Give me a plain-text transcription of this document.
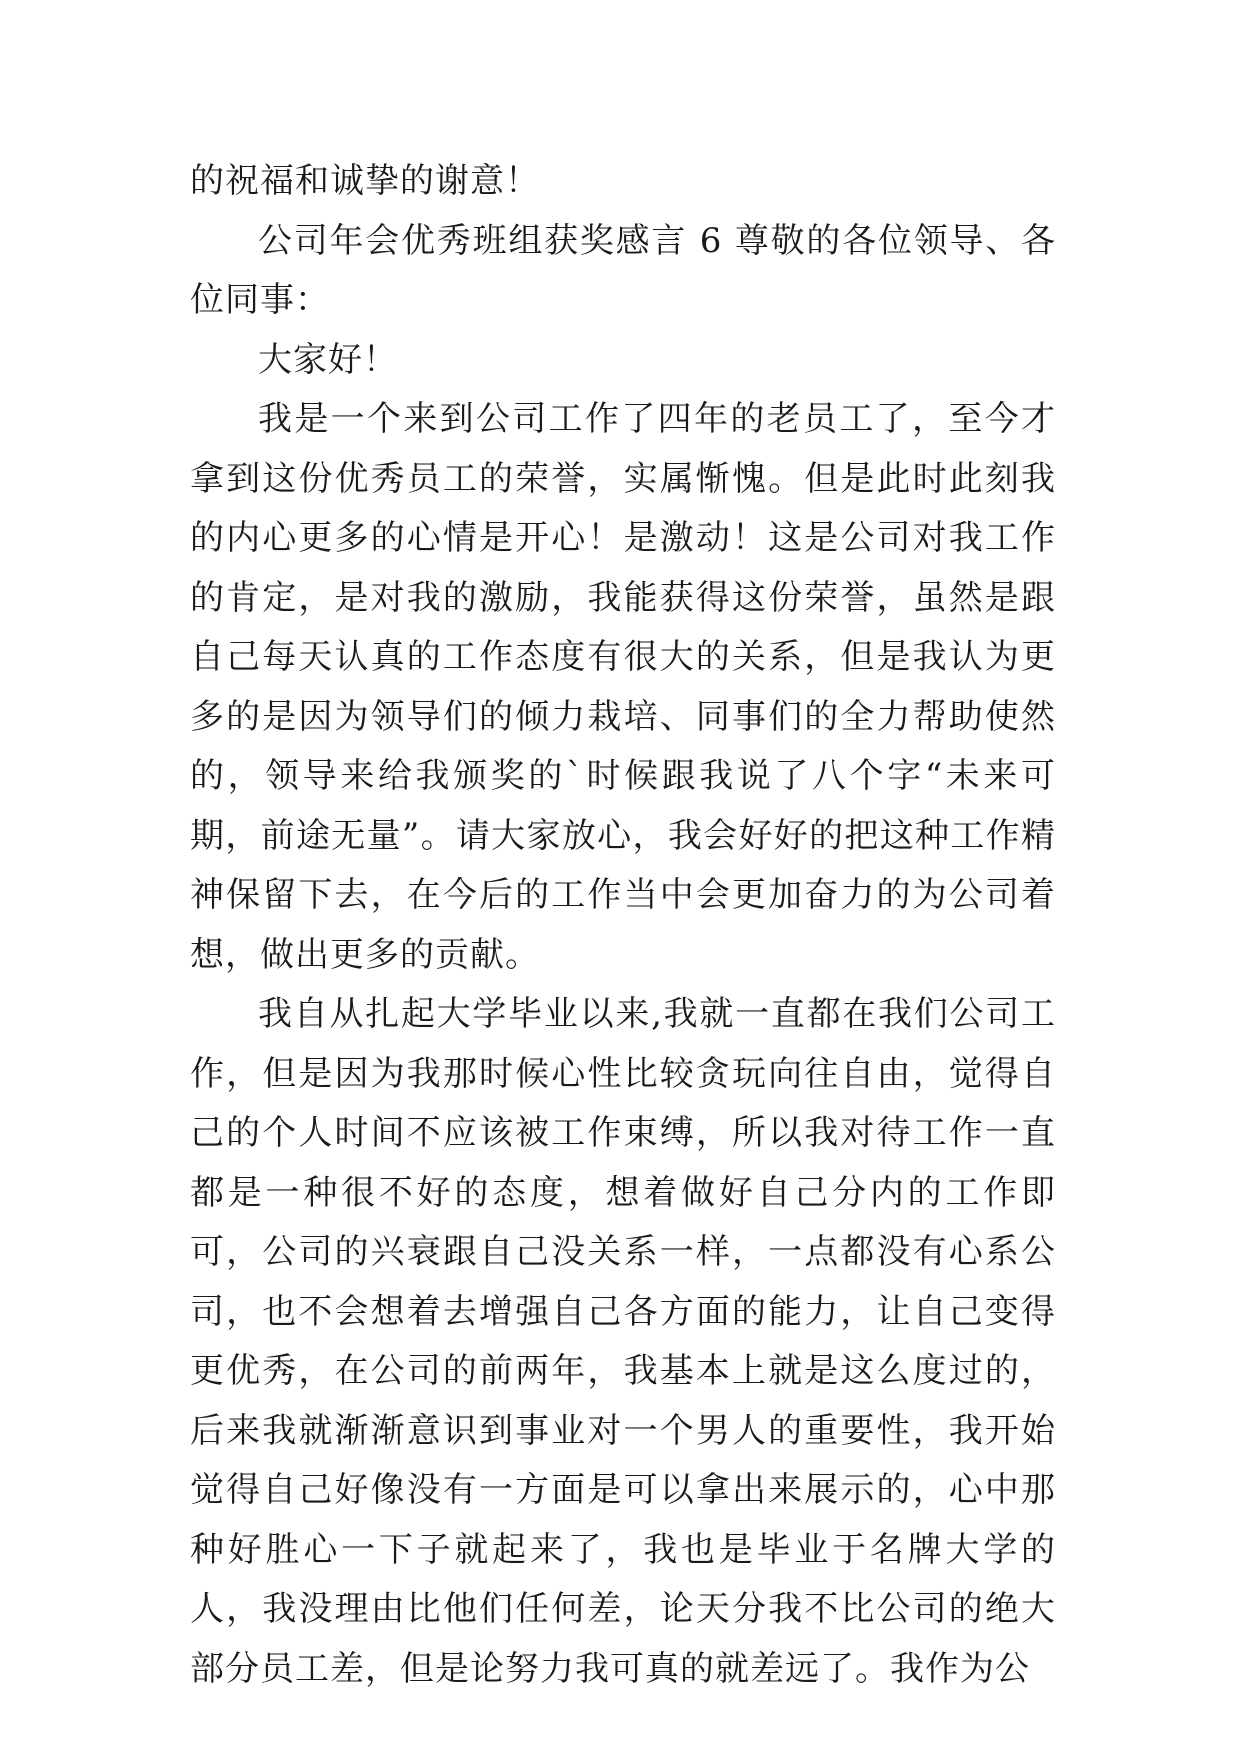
的祝福和诚挚的谢意！

公司年会优秀班组获奖感言 6 尊敬的各位领导、各位同事：

大家好！

我是一个来到公司工作了四年的老员工了，至今才拿到这份优秀员工的荣誉，实属惭愧。但是此时此刻我的内心更多的心情是开心！是激动！这是公司对我工作的肯定，是对我的激励，我能获得这份荣誉，虽然是跟自己每天认真的工作态度有很大的关系，但是我认为更多的是因为领导们的倾力栽培、同事们的全力帮助使然的，领导来给我颁奖的`时候跟我说了八个字“未来可期，前途无量”。请大家放心，我会好好的把这种工作精神保留下去，在今后的工作当中会更加奋力的为公司着想，做出更多的贡献。

我自从扎起大学毕业以来,我就一直都在我们公司工作，但是因为我那时候心性比较贪玩向往自由，觉得自己的个人时间不应该被工作束缚，所以我对待工作一直都是一种很不好的态度，想着做好自己分内的工作即可，公司的兴衰跟自己没关系一样，一点都没有心系公司，也不会想着去增强自己各方面的能力，让自己变得更优秀，在公司的前两年，我基本上就是这么度过的，后来我就渐渐意识到事业对一个男人的重要性，我开始觉得自己好像没有一方面是可以拿出来展示的，心中那种好胜心一下子就起来了，我也是毕业于名牌大学的人，我没理由比他们任何差，论天分我不比公司的绝大部分员工差，但是论努力我可真的就差远了。我作为公
